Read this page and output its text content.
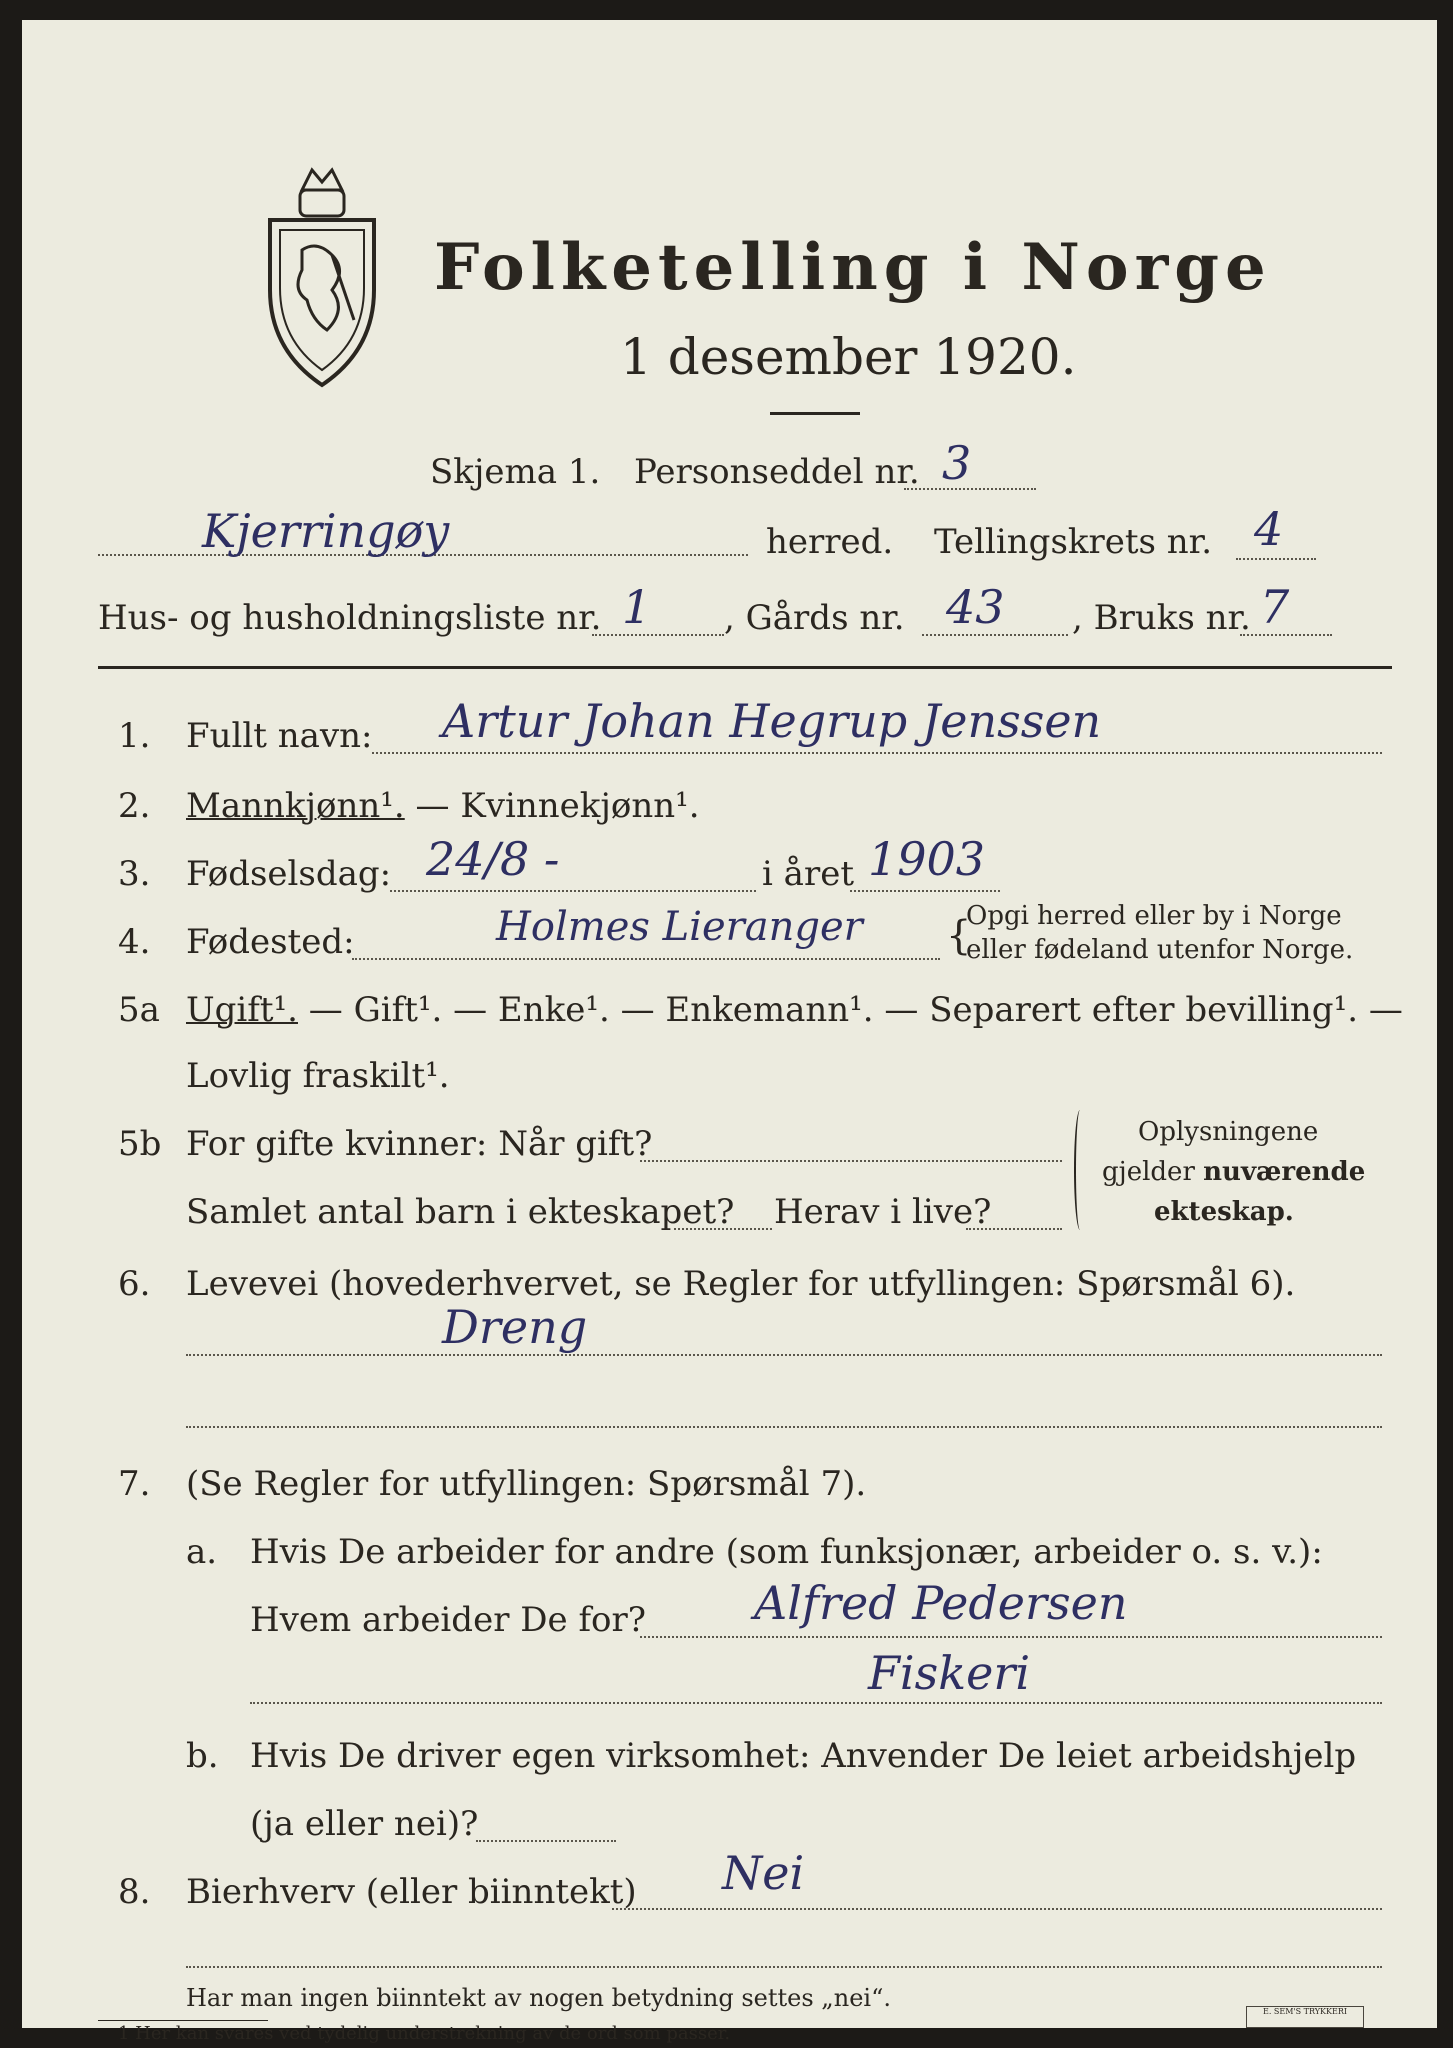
Folketelling i Norge
1 desember 1920.
Skjema 1. Personseddel nr. 3
Kjerringøy	herred. Tellingskrets nr. 4
Hus- og husholdningsliste nr. 1 , Gårds nr. 43 , Bruks nr. 7
1. Fullt navn: Artur Johan Hegrup Jenssen
2. Mannkjønn¹. — Kvinnekjønn¹.
3. Fødselsdag: 24/8 -	i året 1903
4. Fødested:	Holmes Lieranger {
Opgi herred eller by i Norge
eller fødeland utenfor Norge.
5a Ugift¹. — Gift¹. — Enke¹. — Enkemann¹. — Separert efter bevilling¹. —
Lovlig fraskilt¹.
5b For gifte kvinner: Når gift?
Samlet antal barn i ekteskapet? Herav i live?
Oplysningene
gjelder nuværende
ekteskap.
6. Levevei (hovederhvervet, se Regler for utfyllingen: Spørsmål 6).
Dreng
7. (Se Regler for utfyllingen: Spørsmål 7).
a. Hvis De arbeider for andre (som funksjonær, arbeider o. s. v.):
Hvem arbeider De for? Alfred Pedersen
Fiskeri
b. Hvis De driver egen virksomhet: Anvender De leiet arbeidshjelp
(ja eller nei)?
8. Bierhverv (eller biinntekt) Nei
Har man ingen biinntekt av nogen betydning settes „nei“.
1 Her kan svares ved tydelig understrekning av de ord som passer.
E. SEM'S TRYKKERI
